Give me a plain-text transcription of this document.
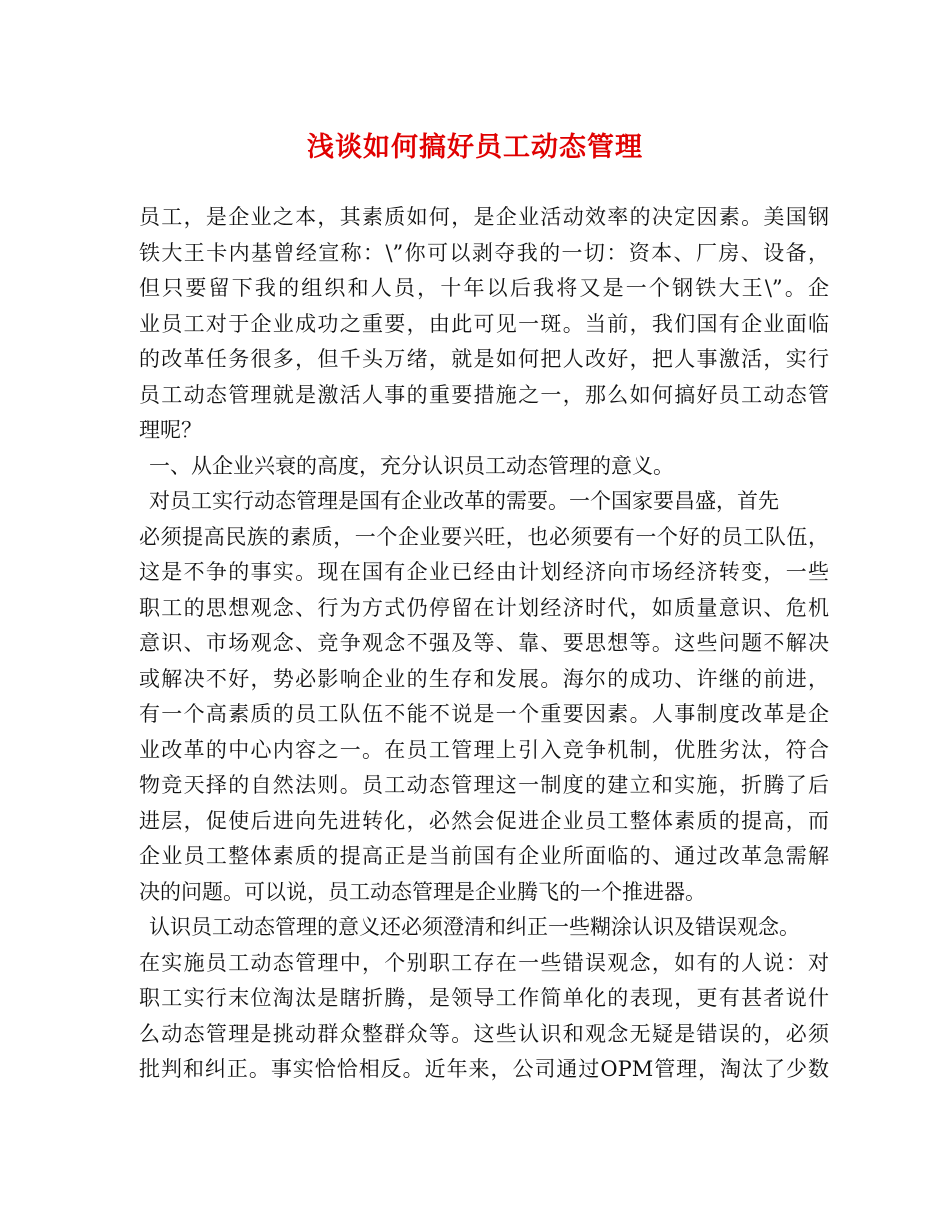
浅谈如何搞好员工动态管理
员工，是企业之本，其素质如何，是企业活动效率的决定因素。美国钢
铁大王卡内基曾经宣称：\”你可以剥夺我的一切：资本、厂房、设备，
但只要留下我的组织和人员，十年以后我将又是一个钢铁大王\”。企
业员工对于企业成功之重要，由此可见一斑。当前，我们国有企业面临
的改革任务很多，但千头万绪，就是如何把人改好，把人事激活，实行
员工动态管理就是激活人事的重要措施之一，那么如何搞好员工动态管
理呢？
一、从企业兴衰的高度，充分认识员工动态管理的意义。
对员工实行动态管理是国有企业改革的需要。一个国家要昌盛，首先
必须提高民族的素质，一个企业要兴旺，也必须要有一个好的员工队伍，
这是不争的事实。现在国有企业已经由计划经济向市场经济转变，一些
职工的思想观念、行为方式仍停留在计划经济时代，如质量意识、危机
意识、市场观念、竞争观念不强及等、靠、要思想等。这些问题不解决
或解决不好，势必影响企业的生存和发展。海尔的成功、许继的前进，
有一个高素质的员工队伍不能不说是一个重要因素。人事制度改革是企
业改革的中心内容之一。在员工管理上引入竞争机制，优胜劣汰，符合
物竞天择的自然法则。员工动态管理这一制度的建立和实施，折腾了后
进层，促使后进向先进转化，必然会促进企业员工整体素质的提高，而
企业员工整体素质的提高正是当前国有企业所面临的、通过改革急需解
决的问题。可以说，员工动态管理是企业腾飞的一个推进器。
认识员工动态管理的意义还必须澄清和纠正一些糊涂认识及错误观念。
在实施员工动态管理中，个别职工存在一些错误观念，如有的人说：对
职工实行末位淘汰是瞎折腾，是领导工作简单化的表现，更有甚者说什
么动态管理是挑动群众整群众等。这些认识和观念无疑是错误的，必须
批判和纠正。事实恰恰相反。近年来，公司通过OPM管理，淘汰了少数
